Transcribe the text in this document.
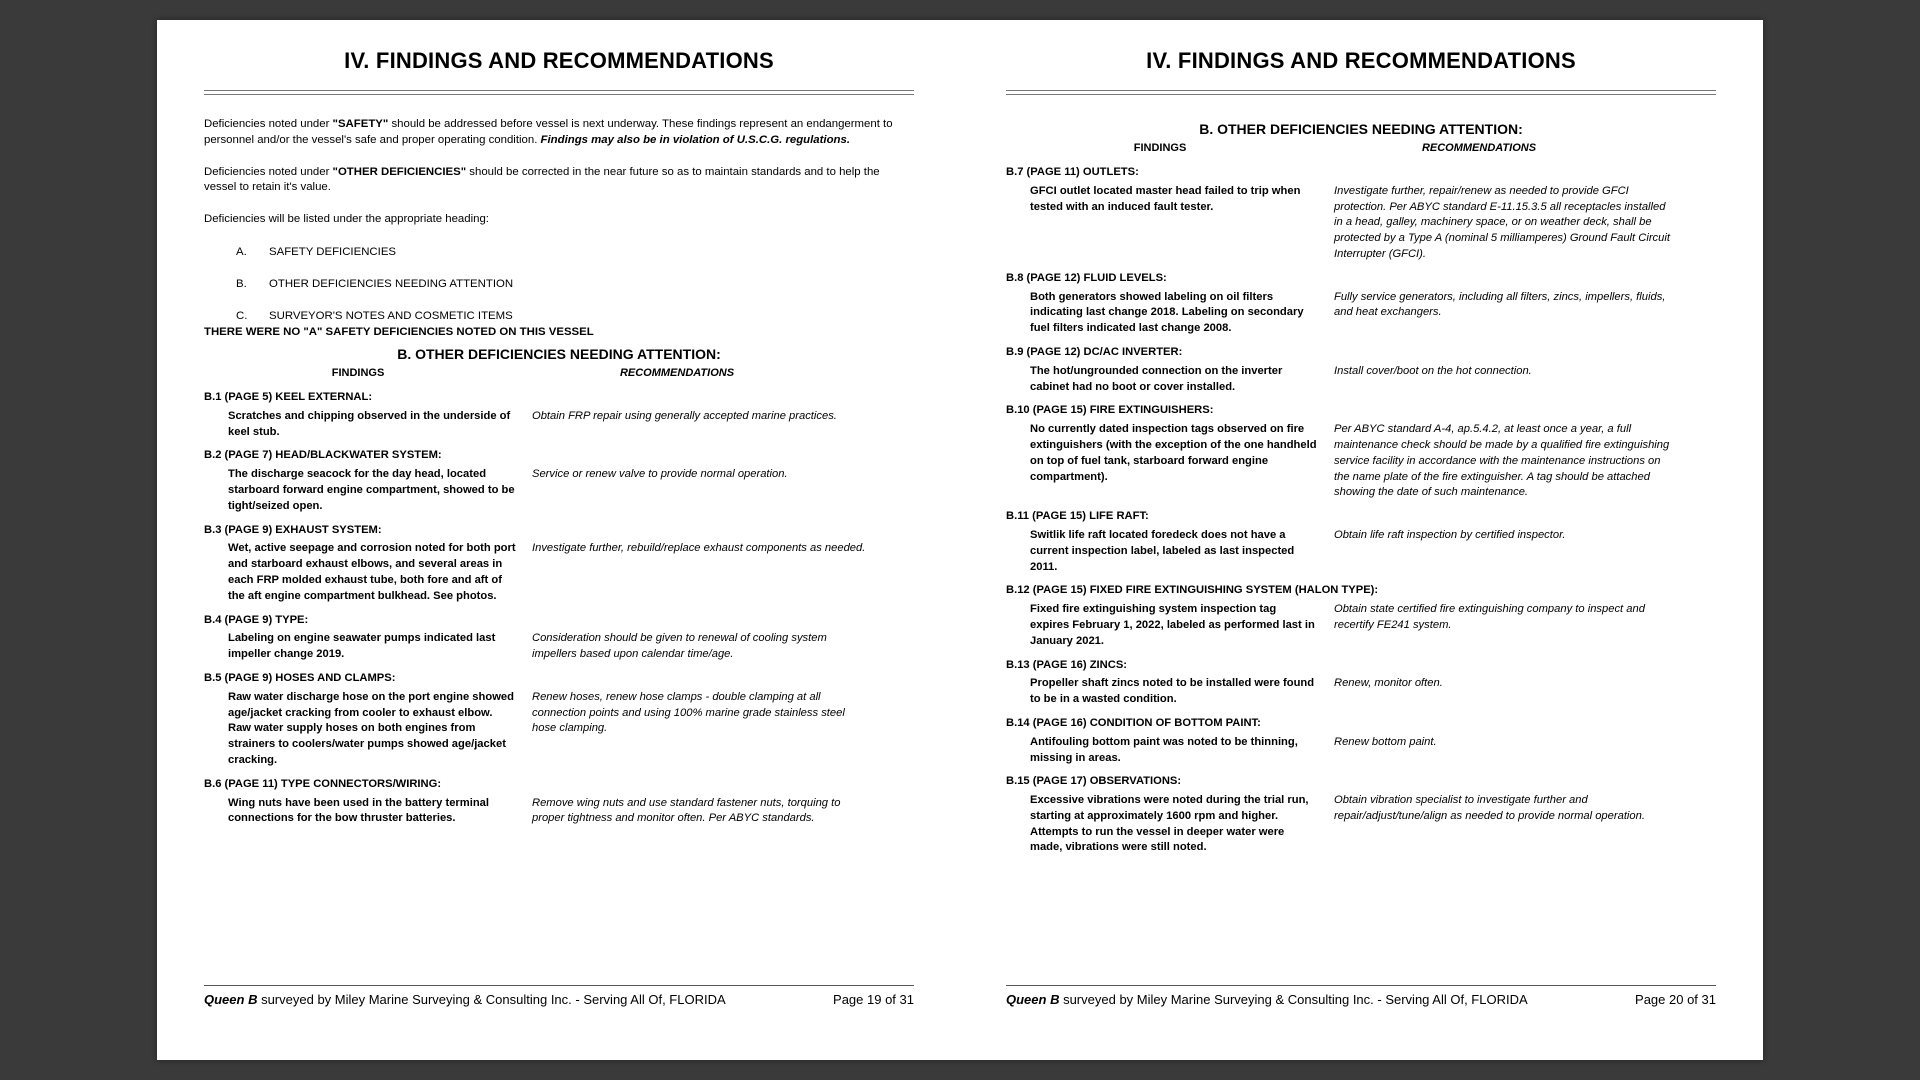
IV. FINDINGS AND RECOMMENDATIONS

Deficiencies noted under "SAFETY" should be addressed before vessel is next underway. These findings represent an endangerment to personnel and/or the vessel's safe and proper operating condition. Findings may also be in violation of U.S.C.G. regulations.

Deficiencies noted under "OTHER DEFICIENCIES" should be corrected in the near future so as to maintain standards and to help the vessel to retain it's value.

Deficiencies will be listed under the appropriate heading:

A.	SAFETY DEFICIENCIES
B.	OTHER DEFICIENCIES NEEDING ATTENTION
C.	SURVEYOR'S NOTES AND COSMETIC ITEMS
THERE WERE NO "A" SAFETY DEFICIENCIES NOTED ON THIS VESSEL
B. OTHER DEFICIENCIES NEEDING ATTENTION:
FINDINGS	RECOMMENDATIONS
B.1 (PAGE 5) KEEL EXTERNAL:
Scratches and chipping observed in the underside of keel stub.
Obtain FRP repair using generally accepted marine practices.
B.2 (PAGE 7) HEAD/BLACKWATER SYSTEM:
The discharge seacock for the day head, located starboard forward engine compartment, showed to be tight/seized open.
Service or renew valve to provide normal operation.
B.3 (PAGE 9) EXHAUST SYSTEM:
Wet, active seepage and corrosion noted for both port and starboard exhaust elbows, and several areas in each FRP molded exhaust tube, both fore and aft of the aft engine compartment bulkhead. See photos.
Investigate further, rebuild/replace exhaust components as needed.
B.4 (PAGE 9) TYPE:
Labeling on engine seawater pumps indicated last impeller change 2019.
Consideration should be given to renewal of cooling system impellers based upon calendar time/age.
B.5 (PAGE 9) HOSES AND CLAMPS:
Raw water discharge hose on the port engine showed age/jacket cracking from cooler to exhaust elbow. Raw water supply hoses on both engines from strainers to coolers/water pumps showed age/jacket cracking.
Renew hoses, renew hose clamps - double clamping at all connection points and using 100% marine grade stainless steel hose clamping.
B.6 (PAGE 11) TYPE CONNECTORS/WIRING:
Wing nuts have been used in the battery terminal connections for the bow thruster batteries.
Remove wing nuts and use standard fastener nuts, torquing to proper tightness and monitor often. Per ABYC standards.
Queen B surveyed by Miley Marine Surveying & Consulting Inc. - Serving All Of, FLORIDA	Page 19 of 31
IV. FINDINGS AND RECOMMENDATIONS
B. OTHER DEFICIENCIES NEEDING ATTENTION:
FINDINGS	RECOMMENDATIONS
B.7 (PAGE 11) OUTLETS:
GFCI outlet located master head failed to trip when tested with an induced fault tester.
Investigate further, repair/renew as needed to provide GFCI protection. Per ABYC standard E-11.15.3.5 all receptacles installed in a head, galley, machinery space, or on weather deck, shall be protected by a Type A (nominal 5 milliamperes) Ground Fault Circuit Interrupter (GFCI).
B.8 (PAGE 12) FLUID LEVELS:
Both generators showed labeling on oil filters indicating last change 2018. Labeling on secondary fuel filters indicated last change 2008.
Fully service generators, including all filters, zincs, impellers, fluids, and heat exchangers.
B.9 (PAGE 12) DC/AC INVERTER:
The hot/ungrounded connection on the inverter cabinet had no boot or cover installed.
Install cover/boot on the hot connection.
B.10 (PAGE 15) FIRE EXTINGUISHERS:
No currently dated inspection tags observed on fire extinguishers (with the exception of the one handheld on top of fuel tank, starboard forward engine compartment).
Per ABYC standard A-4, ap.5.4.2, at least once a year, a full maintenance check should be made by a qualified fire extinguishing service facility in accordance with the maintenance instructions on the name plate of the fire extinguisher. A tag should be attached showing the date of such maintenance.
B.11 (PAGE 15) LIFE RAFT:
Switlik life raft located foredeck does not have a current inspection label, labeled as last inspected 2011.
Obtain life raft inspection by certified inspector.
B.12 (PAGE 15) FIXED FIRE EXTINGUISHING SYSTEM (HALON TYPE):
Fixed fire extinguishing system inspection tag expires February 1, 2022, labeled as performed last in January 2021.
Obtain state certified fire extinguishing company to inspect and recertify FE241 system.
B.13 (PAGE 16) ZINCS:
Propeller shaft zincs noted to be installed were found to be in a wasted condition.
Renew, monitor often.
B.14 (PAGE 16) CONDITION OF BOTTOM PAINT:
Antifouling bottom paint was noted to be thinning, missing in areas.
Renew bottom paint.
B.15 (PAGE 17) OBSERVATIONS:
Excessive vibrations were noted during the trial run, starting at approximately 1600 rpm and higher. Attempts to run the vessel in deeper water were made, vibrations were still noted.
Obtain vibration specialist to investigate further and repair/adjust/tune/align as needed to provide normal operation.
Queen B surveyed by Miley Marine Surveying & Consulting Inc. - Serving All Of, FLORIDA	Page 20 of 31
